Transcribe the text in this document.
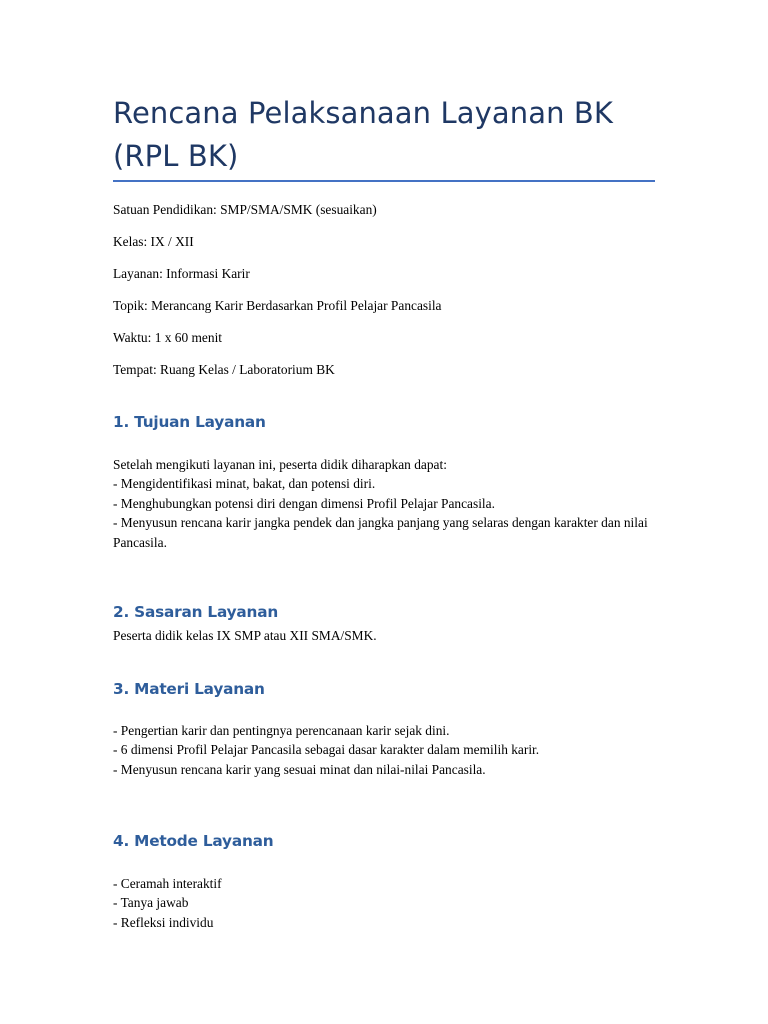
Rencana Pelaksanaan Layanan BK (RPL BK)

Satuan Pendidikan: SMP/SMA/SMK (sesuaikan)

Kelas: IX / XII

Layanan: Informasi Karir

Topik: Merancang Karir Berdasarkan Profil Pelajar Pancasila

Waktu: 1 x 60 menit

Tempat: Ruang Kelas / Laboratorium BK

1. Tujuan Layanan
Setelah mengikuti layanan ini, peserta didik diharapkan dapat:
- Mengidentifikasi minat, bakat, dan potensi diri.
- Menghubungkan potensi diri dengan dimensi Profil Pelajar Pancasila.
- Menyusun rencana karir jangka pendek dan jangka panjang yang selaras dengan karakter dan nilai Pancasila.
2. Sasaran Layanan
Peserta didik kelas IX SMP atau XII SMA/SMK.
3. Materi Layanan
- Pengertian karir dan pentingnya perencanaan karir sejak dini.
- 6 dimensi Profil Pelajar Pancasila sebagai dasar karakter dalam memilih karir.
- Menyusun rencana karir yang sesuai minat dan nilai-nilai Pancasila.
4. Metode Layanan
- Ceramah interaktif
- Tanya jawab
- Refleksi individu
